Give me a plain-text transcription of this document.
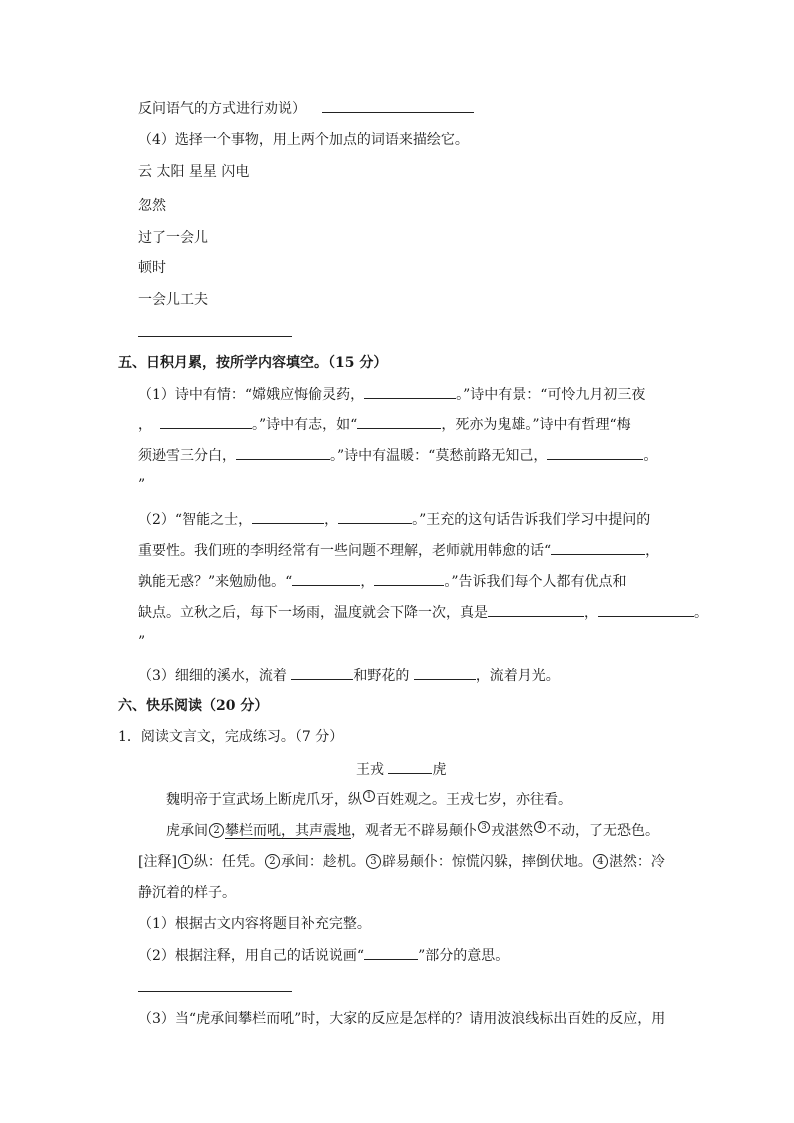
反问语气的方式进行劝说）
（4）选择一个事物，用上两个加点的词语来描绘它。
云 太阳 星星 闪电
忽然
过了一会儿
顿时
一会儿工夫
五、日积月累，按所学内容填空。（15 分）
（1）诗中有情：“嫦娥应悔偷灵药，	。”诗中有景：“可怜九月初三夜
，	。”诗中有志，如“	，死亦为鬼雄。”诗中有哲理“梅
须逊雪三分白，	。”诗中有温暖：“莫愁前路无知己，	。
”
（2）“智能之士，	，	。”王充的这句话告诉我们学习中提问的
重要性。我们班的李明经常有一些问题不理解，老师就用韩愈的话“	，
孰能无惑？”来勉励他。“	，	。”告诉我们每个人都有优点和
缺点。立秋之后，每下一场雨，温度就会下降一次，真是	，	。
”
（3）细细的溪水，流着	和野花的	，流着月光。
六、快乐阅读（20 分）
1．阅读文言文，完成练习。（7 分）
王戎	虎
魏明帝于宣武场上断虎爪牙，纵 1 百姓观之。王戎七岁，亦往看。
虎承间 2 攀栏而吼，其声震地，观者无不辟易颠仆 3 戎湛然 4 不动，了无恐色。
[注释] 1 纵：任凭。 2 承间：趁机。 3 辟易颠仆：惊慌闪躲，摔倒伏地。 4 湛然：冷
静沉着的样子。
（1）根据古文内容将题目补充完整。
（2）根据注释，用自己的话说说画“	”部分的意思。
（3）当“虎承间攀栏而吼”时，大家的反应是怎样的？请用波浪线标出百姓的反应，用
